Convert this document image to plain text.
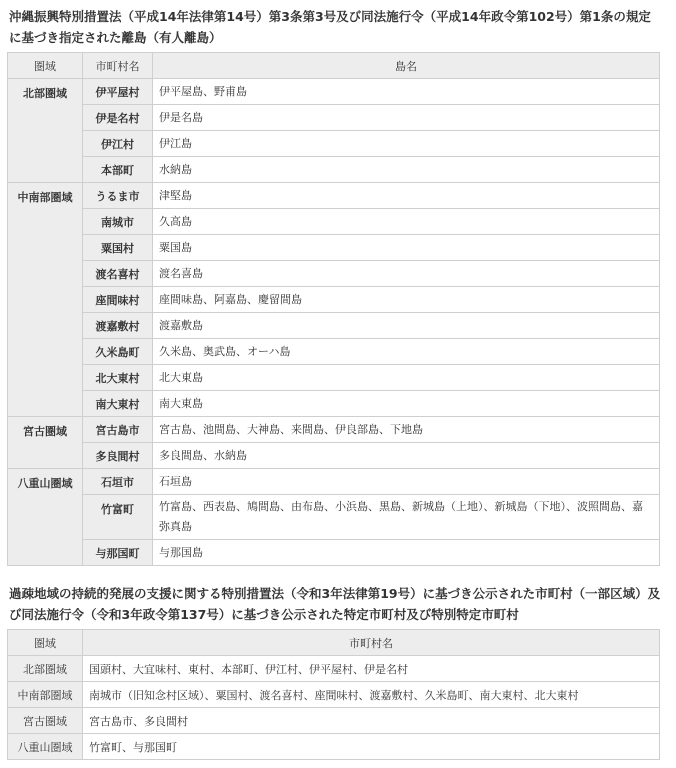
沖縄振興特別措置法（平成14年法律第14号）第3条第3号及び同法施行令（平成14年政令第102号）第1条の規定
に基づき指定された離島（有人離島）

圏域	市町村名	島名
北部圏域	伊平屋村	伊平屋島、野甫島
	伊是名村	伊是名島
	伊江村	伊江島
	本部町	水納島
中南部圏域	うるま市	津堅島
	南城市	久高島
	粟国村	粟国島
	渡名喜村	渡名喜島
	座間味村	座間味島、阿嘉島、慶留間島
	渡嘉敷村	渡嘉敷島
	久米島町	久米島、奥武島、オーハ島
	北大東村	北大東島
	南大東村	南大東島
宮古圏域	宮古島市	宮古島、池間島、大神島、来間島、伊良部島、下地島
	多良間村	多良間島、水納島
八重山圏域	石垣市	石垣島
	竹富町	竹富島、西表島、鳩間島、由布島、小浜島、黒島、新城島（上地）、新城島（下地）、波照間島、嘉弥真島
	与那国町	与那国島

過疎地域の持続的発展の支援に関する特別措置法（令和3年法律第19号）に基づき公示された市町村（一部区域）及
び同法施行令（令和3年政令第137号）に基づき公示された特定市町村及び特別特定市町村

圏域	市町村名
北部圏域	国頭村、大宜味村、東村、本部町、伊江村、伊平屋村、伊是名村
中南部圏域	南城市（旧知念村区域）、粟国村、渡名喜村、座間味村、渡嘉敷村、久米島町、南大東村、北大東村
宮古圏域	宮古島市、多良間村
八重山圏域	竹富町、与那国町
